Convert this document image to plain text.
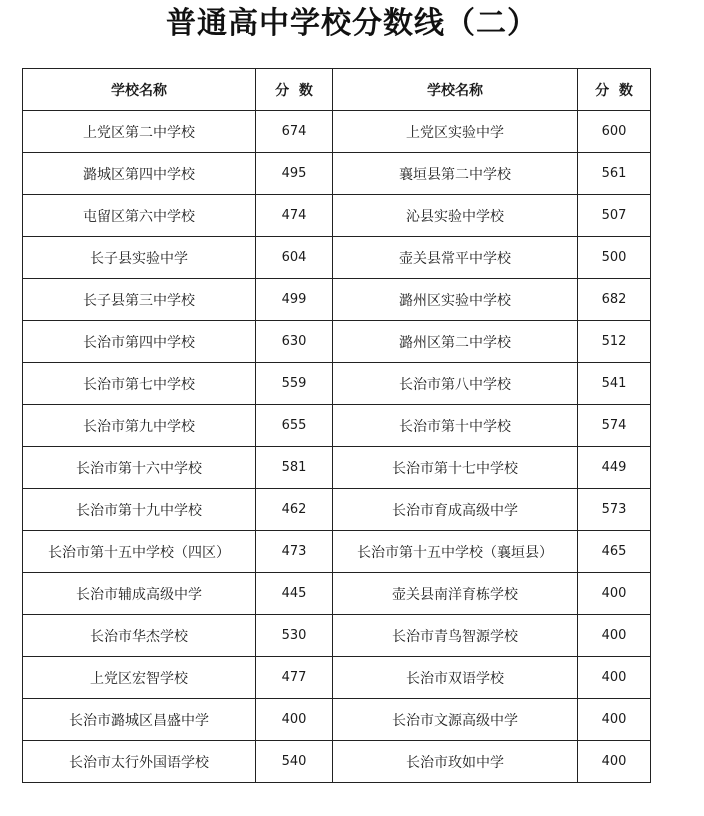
普通高中学校分数线（二）
学校名称	分  数	学校名称	分  数
上党区第二中学校	674	上党区实验中学	600
潞城区第四中学校	495	襄垣县第二中学校	561
屯留区第六中学校	474	沁县实验中学校	507
长子县实验中学	604	壶关县常平中学校	500
长子县第三中学校	499	潞州区实验中学校	682
长治市第四中学校	630	潞州区第二中学校	512
长治市第七中学校	559	长治市第八中学校	541
长治市第九中学校	655	长治市第十中学校	574
长治市第十六中学校	581	长治市第十七中学校	449
长治市第十九中学校	462	长治市育成高级中学	573
长治市第十五中学校（四区）	473	长治市第十五中学校（襄垣县）	465
长治市辅成高级中学	445	壶关县南洋育栋学校	400
长治市华杰学校	530	长治市青鸟智源学校	400
上党区宏智学校	477	长治市双语学校	400
长治市潞城区昌盛中学	400	长治市文源高级中学	400
长治市太行外国语学校	540	长治市玫如中学	400
